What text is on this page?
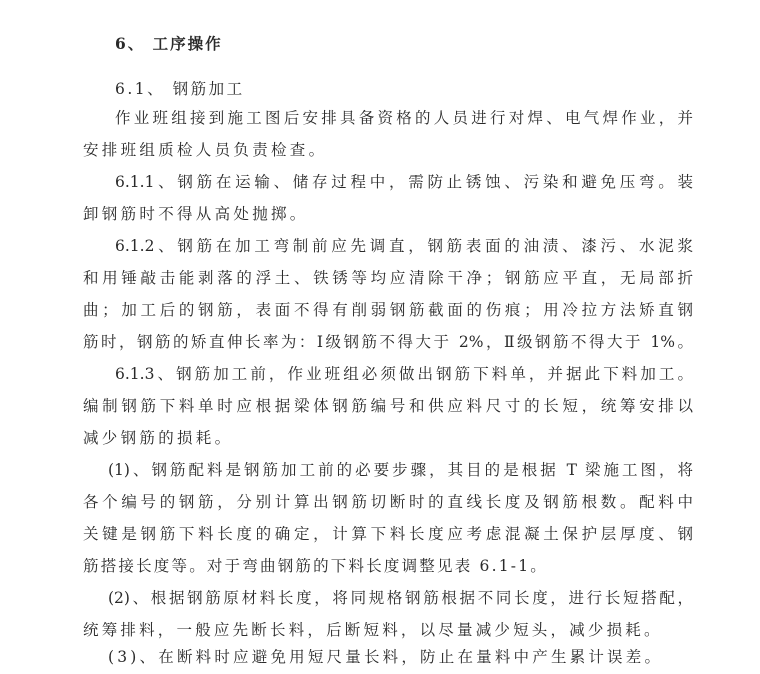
6、 工序操作
6.1、 钢筋加工
作业班组接到施工图后安排具备资格的人员进行对焊、电气焊作业，并
安排班组质检人员负责检查。
6.1.1、钢筋在运输、储存过程中，需防止锈蚀、污染和避免压弯。装
卸钢筋时不得从高处抛掷。
6.1.2、钢筋在加工弯制前应先调直，钢筋表面的油渍、漆污、水泥浆
和用锤敲击能剥落的浮土、铁锈等均应清除干净；钢筋应平直，无局部折
曲；加工后的钢筋，表面不得有削弱钢筋截面的伤痕；用冷拉方法矫直钢
筋时，钢筋的矫直伸长率为：Ⅰ级钢筋不得大于 2%，Ⅱ级钢筋不得大于 1%。
6.1.3、钢筋加工前，作业班组必须做出钢筋下料单，并据此下料加工。
编制钢筋下料单时应根据梁体钢筋编号和供应料尺寸的长短，统筹安排以
减少钢筋的损耗。
(1)、钢筋配料是钢筋加工前的必要步骤，其目的是根据 T 梁施工图，将
各个编号的钢筋，分别计算出钢筋切断时的直线长度及钢筋根数。配料中
关键是钢筋下料长度的确定，计算下料长度应考虑混凝土保护层厚度、钢
筋搭接长度等。对于弯曲钢筋的下料长度调整见表 6.1-1。
(2)、根据钢筋原材料长度，将同规格钢筋根据不同长度，进行长短搭配，
统筹排料，一般应先断长料，后断短料，以尽量减少短头，减少损耗。
(3)、在断料时应避免用短尺量长料，防止在量料中产生累计误差。
